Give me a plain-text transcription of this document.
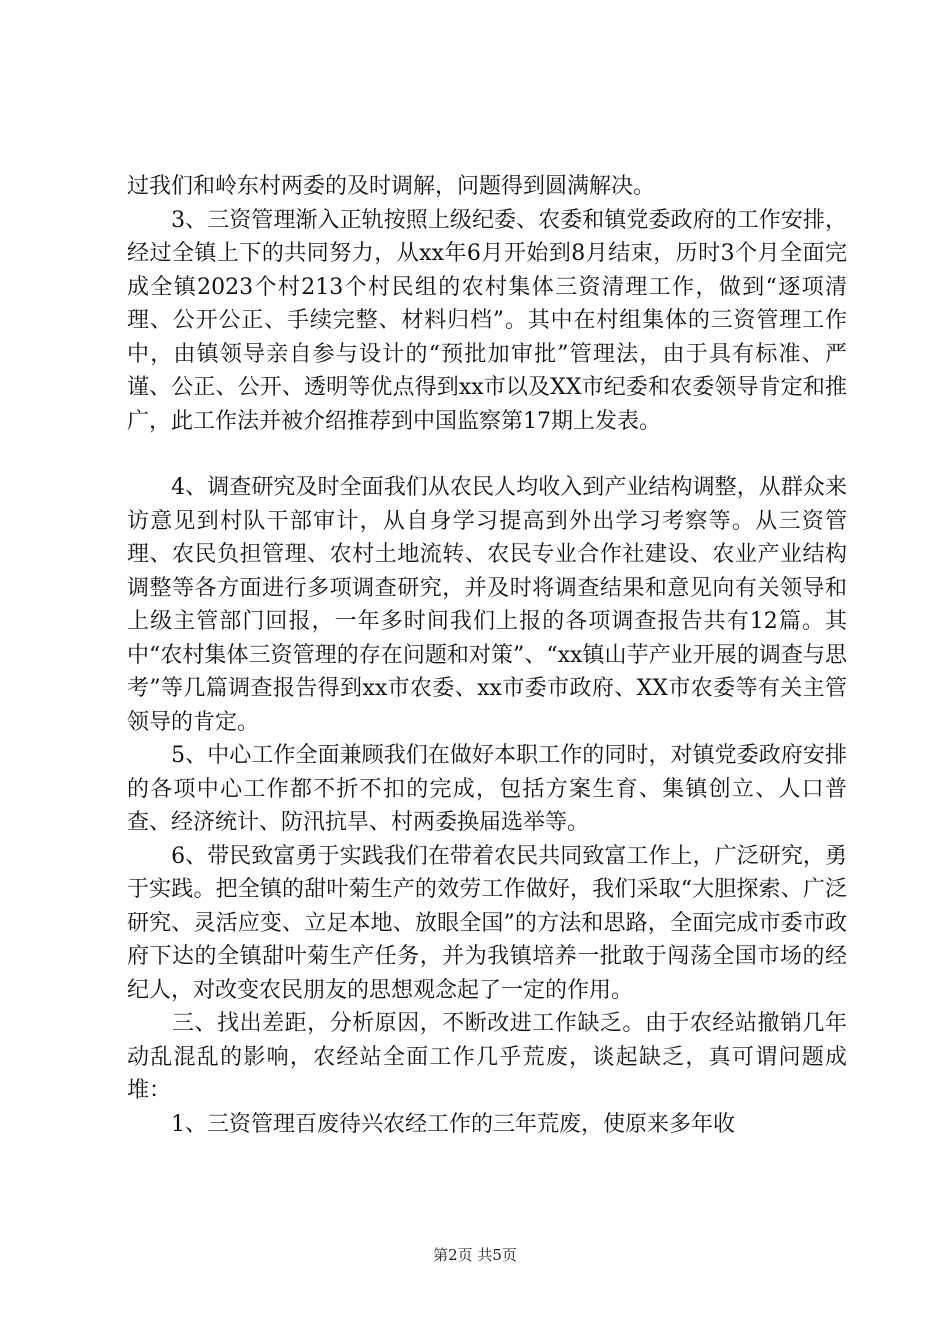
过我们和岭东村两委的及时调解，问题得到圆满解决。

　　3、三资管理渐入正轨按照上级纪委、农委和镇党委政府的工作安排，经过全镇上下的共同努力，从xx年6月开始到8月结束，历时3个月全面完成全镇2023个村213个村民组的农村集体三资清理工作，做到“逐项清理、公开公正、手续完整、材料归档”。其中在村组集体的三资管理工作中，由镇领导亲自参与设计的“预批加审批”管理法，由于具有标准、严谨、公正、公开、透明等优点得到xx市以及XX市纪委和农委领导肯定和推广，此工作法并被介绍推荐到中国监察第17期上发表。

　　4、调查研究及时全面我们从农民人均收入到产业结构调整，从群众来访意见到村队干部审计，从自身学习提高到外出学习考察等。从三资管理、农民负担管理、农村土地流转、农民专业合作社建设、农业产业结构调整等各方面进行多项调查研究，并及时将调查结果和意见向有关领导和上级主管部门回报，一年多时间我们上报的各项调查报告共有12篇。其中“农村集体三资管理的存在问题和对策”、“xx镇山芋产业开展的调查与思考”等几篇调查报告得到xx市农委、xx市委市政府、XX市农委等有关主管领导的肯定。

　　5、中心工作全面兼顾我们在做好本职工作的同时，对镇党委政府安排的各项中心工作都不折不扣的完成，包括方案生育、集镇创立、人口普查、经济统计、防汛抗旱、村两委换届选举等。

　　6、带民致富勇于实践我们在带着农民共同致富工作上，广泛研究，勇于实践。把全镇的甜叶菊生产的效劳工作做好，我们采取“大胆探索、广泛研究、灵活应变、立足本地、放眼全国”的方法和思路，全面完成市委市政府下达的全镇甜叶菊生产任务，并为我镇培养一批敢于闯荡全国市场的经纪人，对改变农民朋友的思想观念起了一定的作用。

　　三、找出差距，分析原因，不断改进工作缺乏。由于农经站撤销几年动乱混乱的影响，农经站全面工作几乎荒废，谈起缺乏，真可谓问题成堆：

　　1、三资管理百废待兴农经工作的三年荒废，使原来多年收

第2页 共5页
